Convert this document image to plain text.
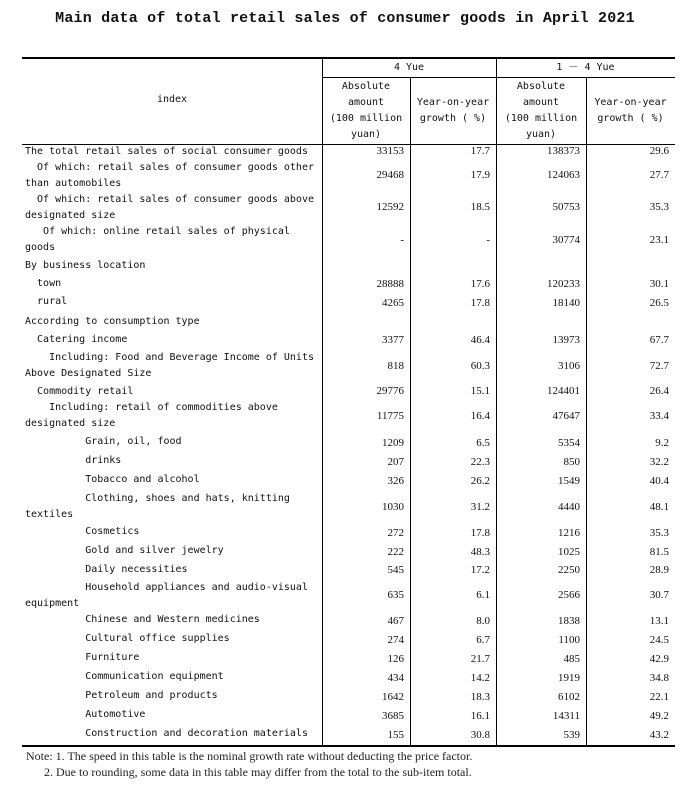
Main data of total retail sales of consumer goods in April 2021
Note: 1. The speed in this table is the nominal growth rate without deducting the price factor.
2. Due to rounding, some data in this table may differ from the total to the sub-item total.
index
4 Yue	1 － 4 Yue
Absolute
amount
(100 million
yuan)
Year-on-year
growth ( %)
Absolute
amount
(100 million
yuan)
Year-on-year
growth ( %)
The total retail sales of social consumer goods	33153	17.7	138373	29.6
Of which: retail sales of consumer goods other
than automobiles
29468	17.9	124063	27.7
Of which: retail sales of consumer goods above
designated size
12592	18.5	50753	35.3
Of which: online retail sales of physical
goods
-	-	30774	23.1
By business location
town	28888	17.6	120233	30.1
rural	4265	17.8	18140	26.5
According to consumption type
Catering income	3377	46.4	13973	67.7
Including: Food and Beverage Income of Units
Above Designated Size
818	60.3	3106	72.7
Commodity retail	29776	15.1	124401	26.4
Including: retail of commodities above
designated size
11775	16.4	47647	33.4
Grain, oil, food	1209	6.5	5354	9.2
drinks	207	22.3	850	32.2
Tobacco and alcohol	326	26.2	1549	40.4
Clothing, shoes and hats, knitting
textiles
1030	31.2	4440	48.1
Cosmetics	272	17.8	1216	35.3
Gold and silver jewelry	222	48.3	1025	81.5
Daily necessities	545	17.2	2250	28.9
Household appliances and audio-visual
equipment
635	6.1	2566	30.7
Chinese and Western medicines	467	8.0	1838	13.1
Cultural office supplies	274	6.7	1100	24.5
Furniture	126	21.7	485	42.9
Communication equipment	434	14.2	1919	34.8
Petroleum and products	1642	18.3	6102	22.1
Automotive	3685	16.1	14311	49.2
Construction and decoration materials	155	30.8	539	43.2
